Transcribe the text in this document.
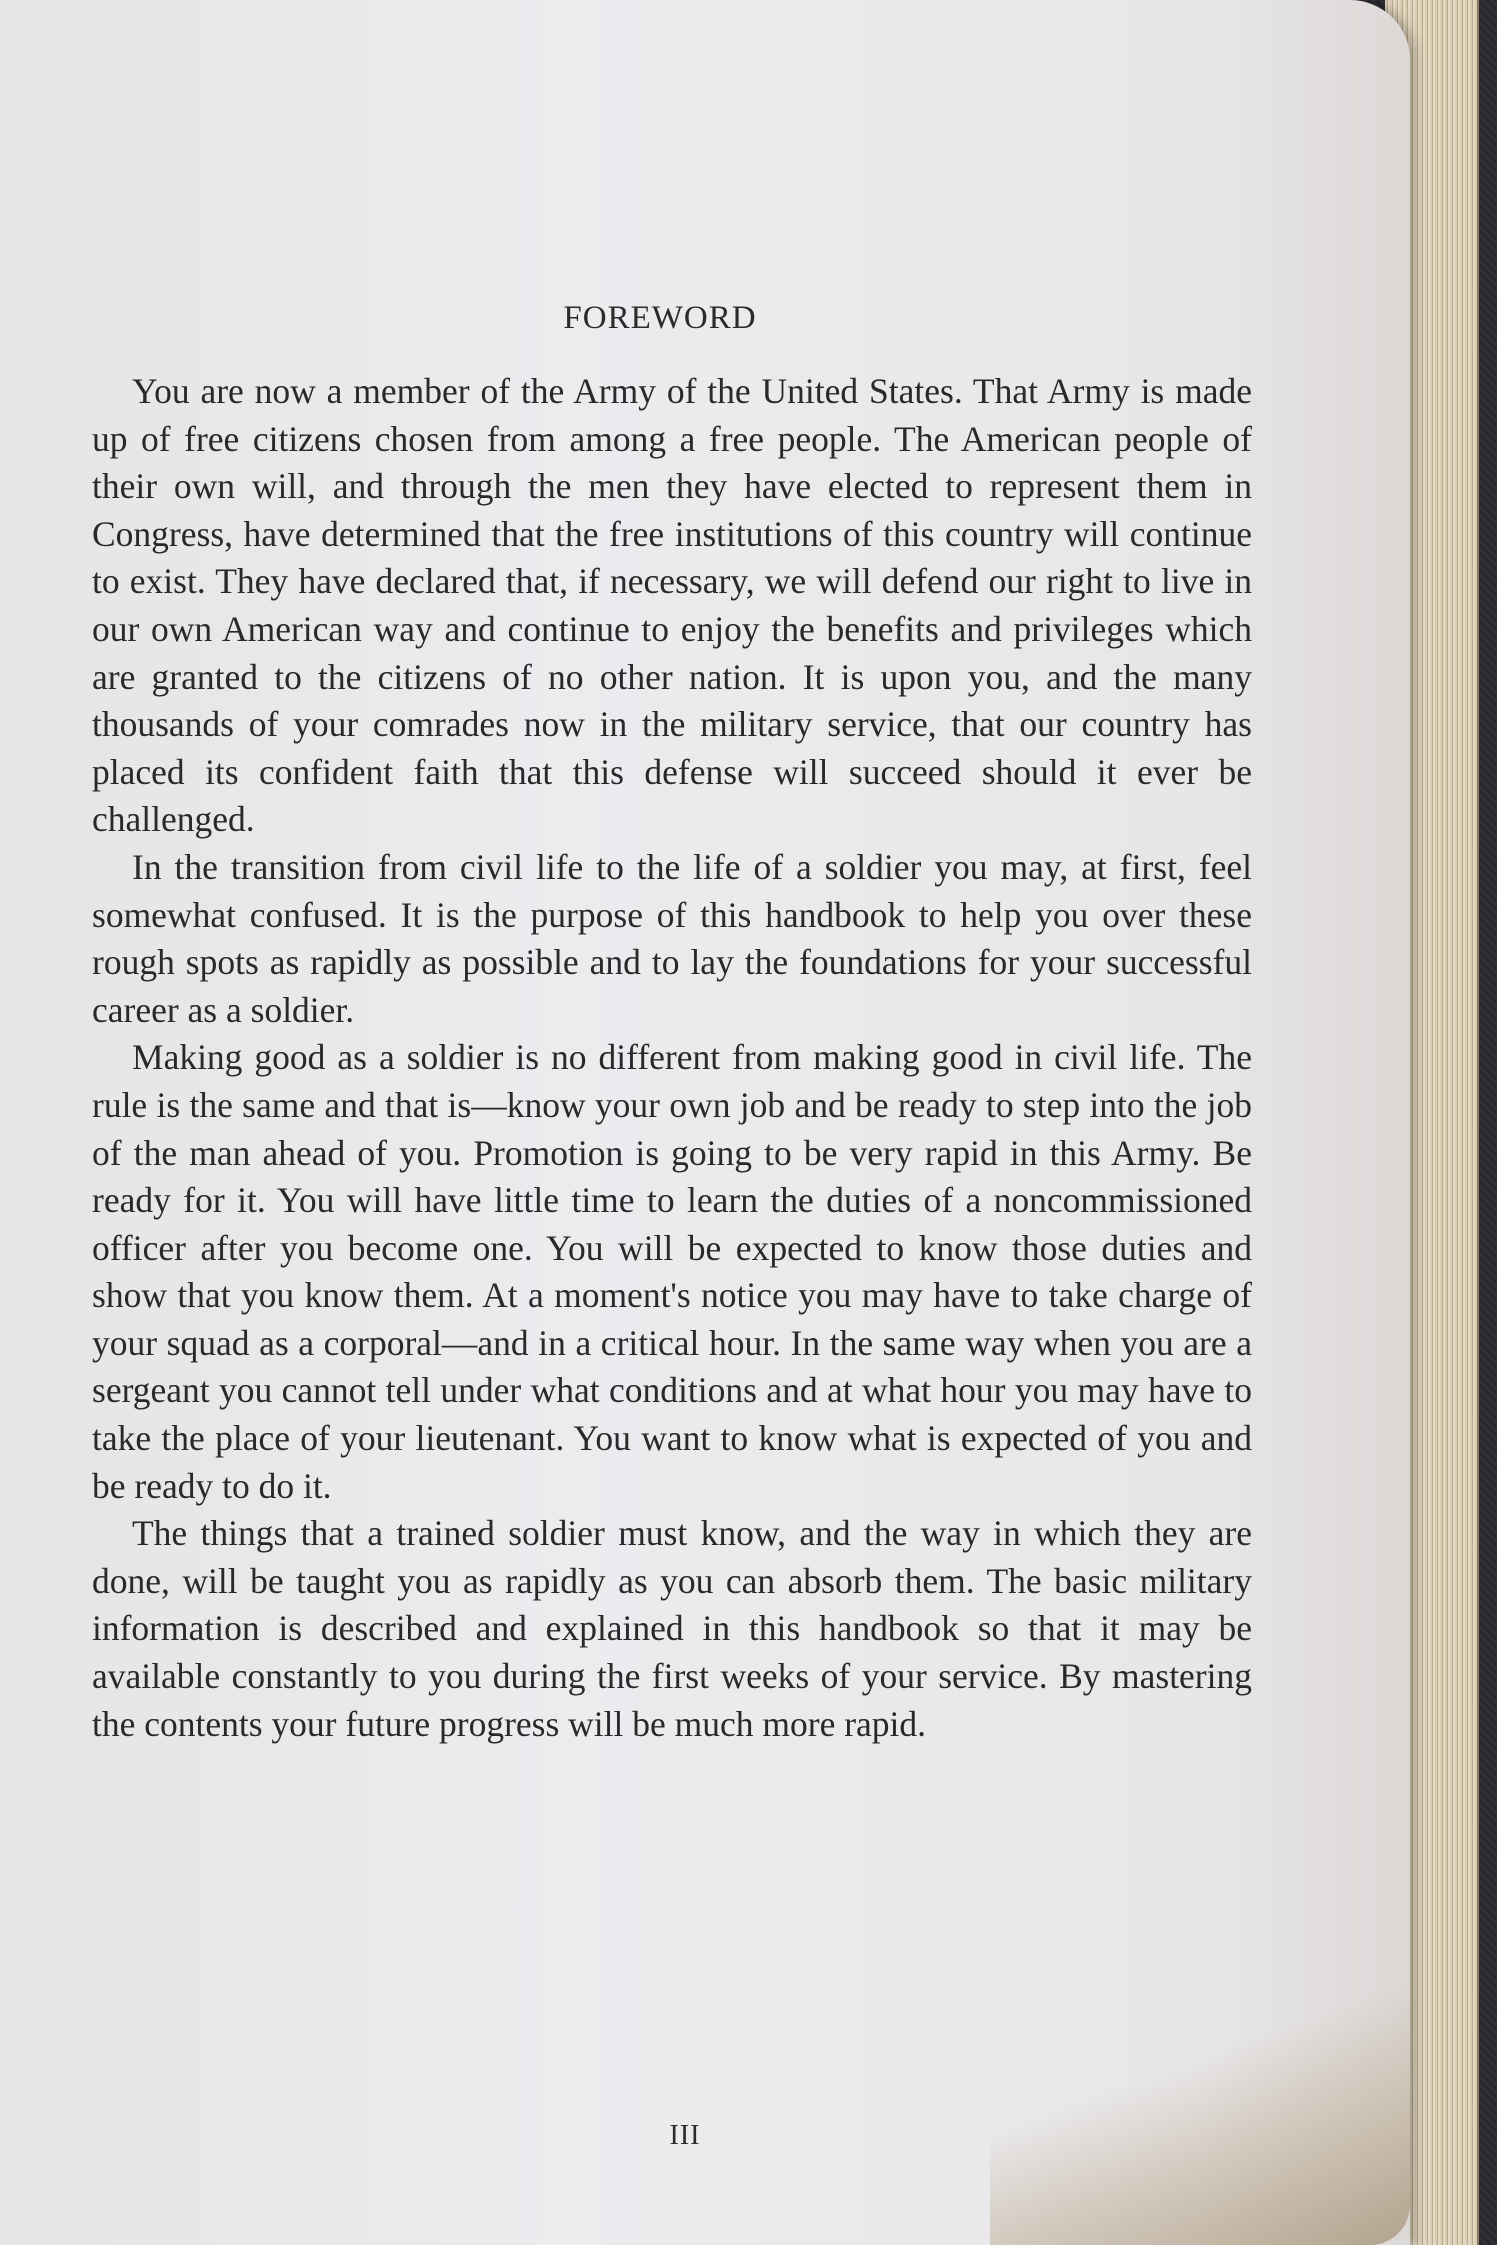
FOREWORD

You are now a member of the Army of the United States. That Army is made up of free citizens chosen from among a free people. The American people of their own will, and through the men they have elected to represent them in Congress, have determined that the free institutions of this country will continue to exist. They have declared that, if necessary, we will defend our right to live in our own American way and continue to enjoy the benefits and privileges which are granted to the citizens of no other nation. It is upon you, and the many thousands of your comrades now in the military service, that our country has placed its confident faith that this defense will succeed should it ever be challenged.

In the transition from civil life to the life of a soldier you may, at first, feel somewhat confused. It is the purpose of this handbook to help you over these rough spots as rapidly as possible and to lay the foundations for your successful career as a soldier.

Making good as a soldier is no different from making good in civil life. The rule is the same and that is—know your own job and be ready to step into the job of the man ahead of you. Promotion is going to be very rapid in this Army. Be ready for it. You will have little time to learn the duties of a noncommissioned officer after you become one. You will be expected to know those duties and show that you know them. At a moment's notice you may have to take charge of your squad as a corporal—and in a critical hour. In the same way when you are a sergeant you cannot tell under what conditions and at what hour you may have to take the place of your lieutenant. You want to know what is expected of you and be ready to do it.

The things that a trained soldier must know, and the way in which they are done, will be taught you as rapidly as you can absorb them. The basic military information is described and explained in this handbook so that it may be available constantly to you during the first weeks of your service. By mastering the contents your future progress will be much more rapid.

III
